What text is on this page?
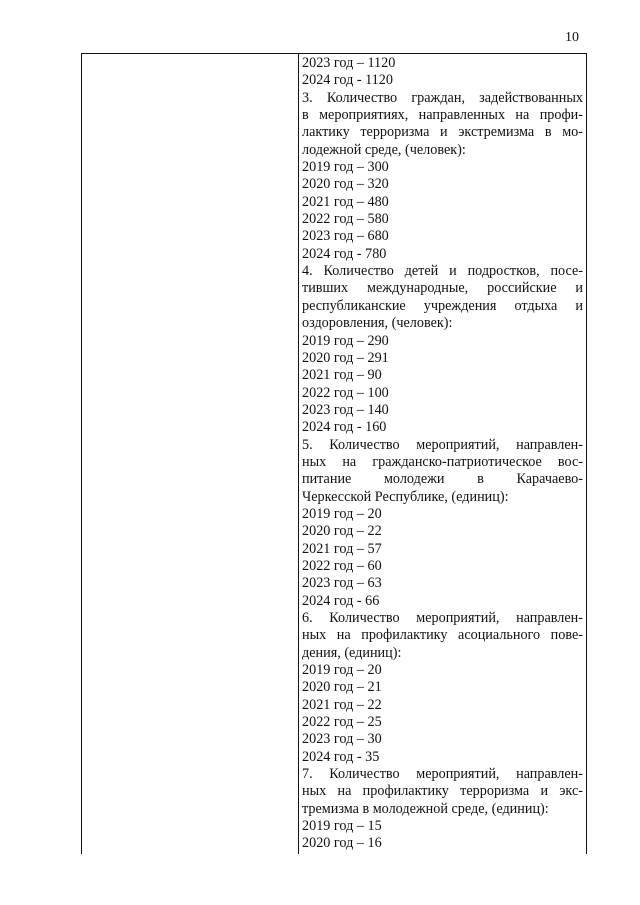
10
2023 год – 1120
2024 год - 1120
3. Количество граждан, задействованных
в мероприятиях, направленных на профи-
лактику терроризма и экстремизма в мо-
лодежной среде, (человек):
2019 год – 300
2020 год – 320
2021 год – 480
2022 год – 580
2023 год – 680
2024 год - 780
4. Количество детей и подростков, посе-
тивших международные, российские и
республиканские учреждения отдыха и
оздоровления, (человек):
2019 год – 290
2020 год – 291
2021 год – 90
2022 год – 100
2023 год – 140
2024 год - 160
5. Количество мероприятий, направлен-
ных на гражданско-патриотическое вос-
питание молодежи в Карачаево-
Черкесской Республике, (единиц):
2019 год – 20
2020 год – 22
2021 год – 57
2022 год – 60
2023 год – 63
2024 год - 66
6. Количество мероприятий, направлен-
ных на профилактику асоциального пове-
дения, (единиц):
2019 год – 20
2020 год – 21
2021 год – 22
2022 год – 25
2023 год – 30
2024 год - 35
7. Количество мероприятий, направлен-
ных на профилактику терроризма и экс-
тремизма в молодежной среде, (единиц):
2019 год – 15
2020 год – 16
